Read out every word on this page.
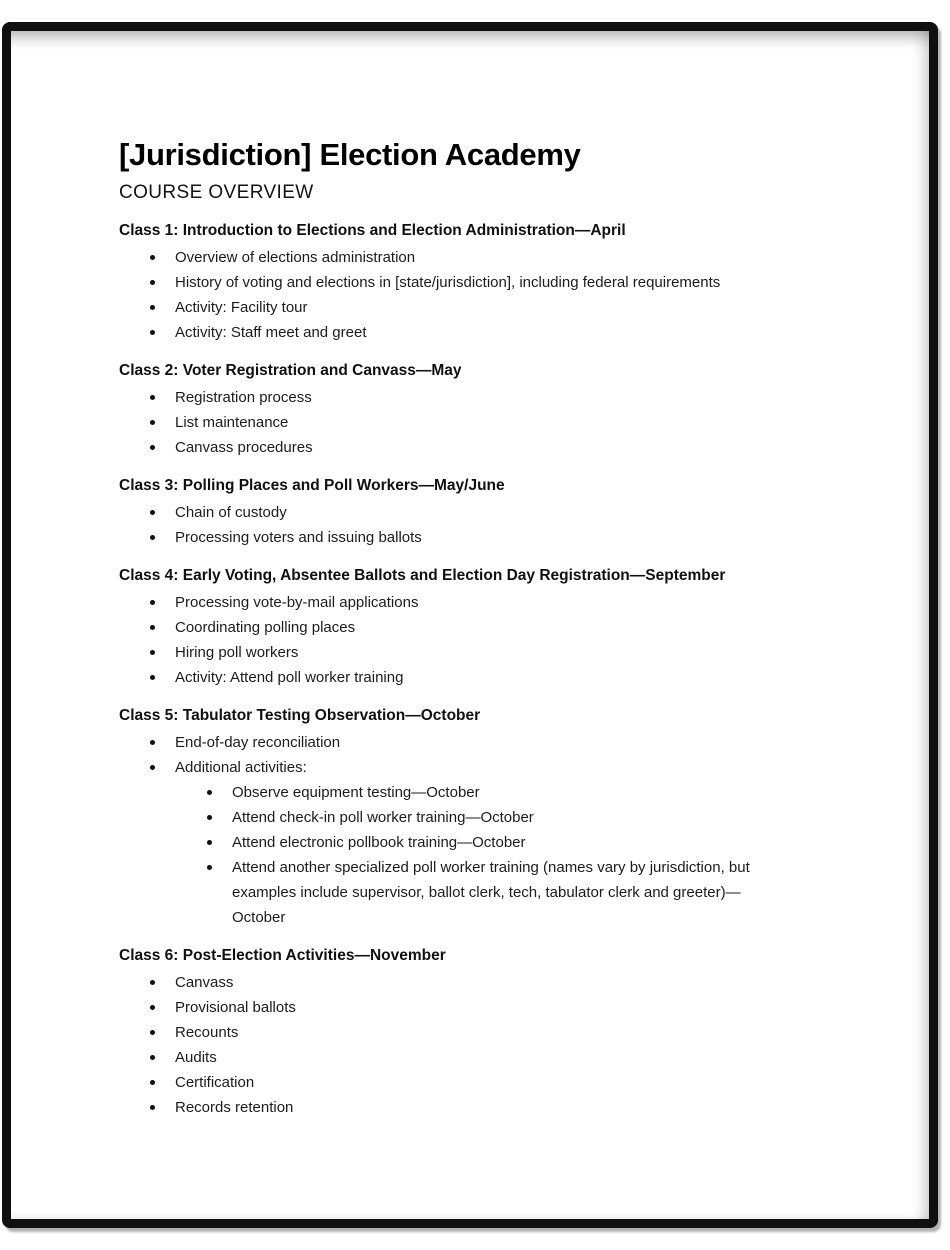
[Jurisdiction] Election Academy
COURSE OVERVIEW
Class 1: Introduction to Elections and Election Administration—April
Overview of elections administration
History of voting and elections in [state/jurisdiction], including federal requirements
Activity: Facility tour
Activity: Staff meet and greet
Class 2: Voter Registration and Canvass—May
Registration process
List maintenance
Canvass procedures
Class 3: Polling Places and Poll Workers—May/June
Chain of custody
Processing voters and issuing ballots
Class 4: Early Voting, Absentee Ballots and Election Day Registration—September
Processing vote-by-mail applications
Coordinating polling places
Hiring poll workers
Activity: Attend poll worker training
Class 5: Tabulator Testing Observation—October
End-of-day reconciliation
Additional activities:
Observe equipment testing—October
Attend check-in poll worker training—October
Attend electronic pollbook training—October
Attend another specialized poll worker training (names vary by jurisdiction, but examples include supervisor, ballot clerk, tech, tabulator clerk and greeter)—October
Class 6: Post-Election Activities—November
Canvass
Provisional ballots
Recounts
Audits
Certification
Records retention
